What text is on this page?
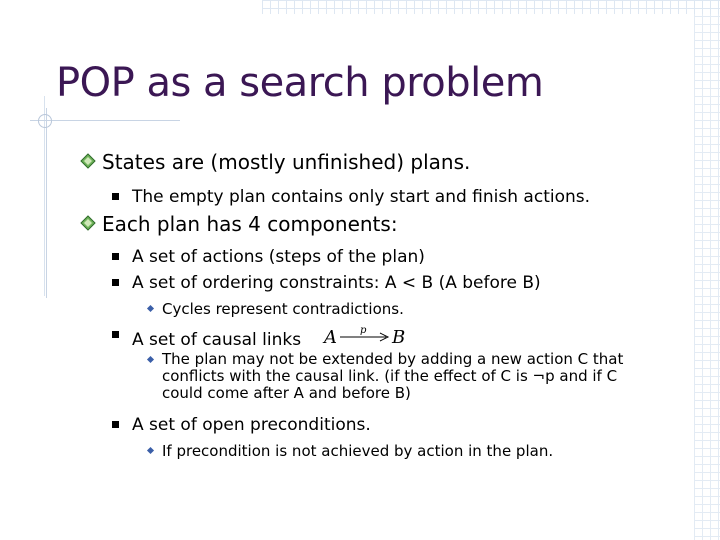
POP as a search problem
States are (mostly unfinished) plans.
The empty plan contains only start and finish actions.
Each plan has 4 components:
A set of actions (steps of the plan)
A set of ordering constraints: A < B (A before B)
Cycles represent contradictions.
A set of causal links A p B
The plan may not be extended by adding a new action C that conflicts with the causal link. (if the effect of C is ¬p and if C could come after A and before B)
A set of open preconditions.
If precondition is not achieved by action in the plan.
